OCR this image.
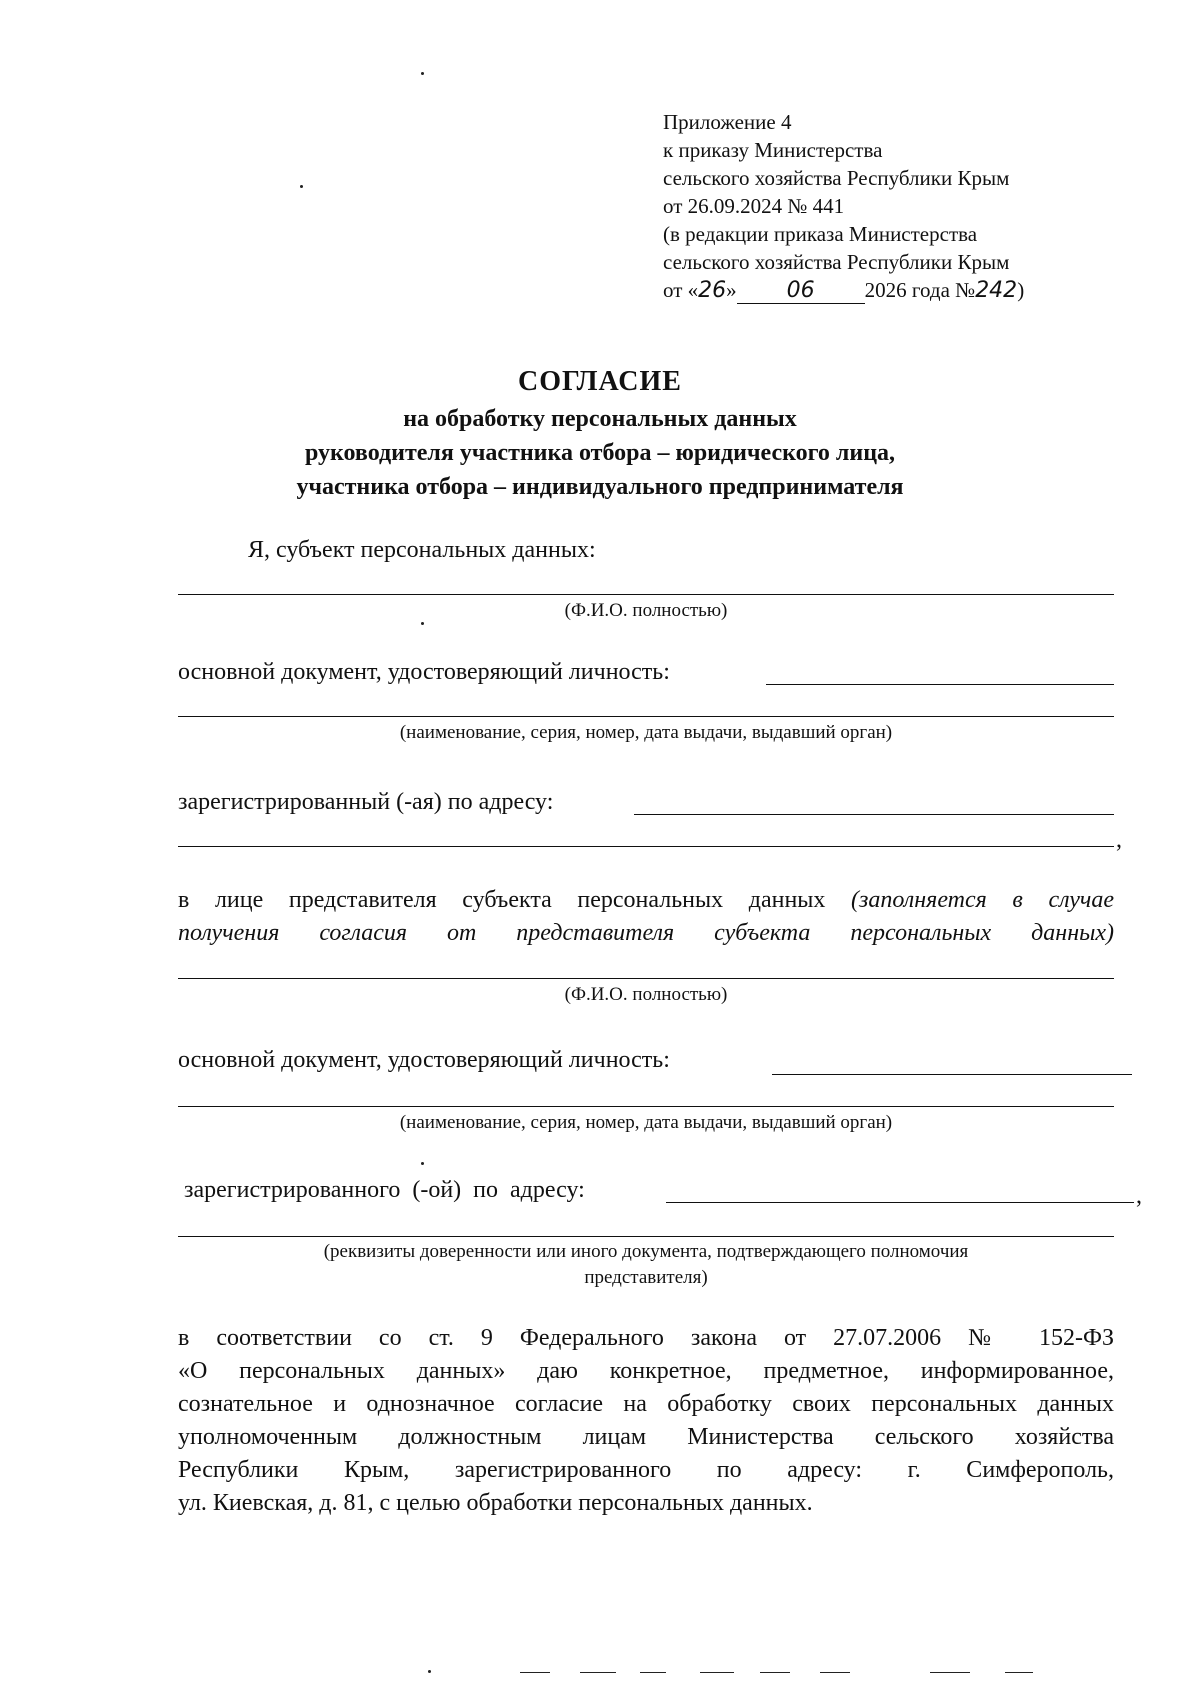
Приложение 4
к приказу Министерства
сельского хозяйства Республики Крым
от 26.09.2024 № 441
(в редакции приказа Министерства
сельского хозяйства Республики Крым
от «26» 06 2026 года №242)
СОГЛАСИЕ
на обработку персональных данных
руководителя участника отбора – юридического лица,
участника отбора – индивидуального предпринимателя
Я, субъект персональных данных:
(Ф.И.О. полностью)
основной документ, удостоверяющий личность:
(наименование, серия, номер, дата выдачи, выдавший орган)
зарегистрированный (-ая) по адресу:
,
в лице представителя субъекта персональных данных (заполняется в случае
получения согласия от представителя субъекта персональных данных)
(Ф.И.О. полностью)
основной документ, удостоверяющий личность:
(наименование, серия, номер, дата выдачи, выдавший орган)
зарегистрированного (-ой) по адресу:	,
(реквизиты доверенности или иного документа, подтверждающего полномочия
представителя)

в соответствии со ст. 9 Федерального закона от 27.07.2006 № 152-ФЗ

«О персональных данных» даю конкретное, предметное, информированное,

сознательное и однозначное согласие на обработку своих персональных данных

уполномоченным должностным лицам Министерства сельского хозяйства

Республики Крым, зарегистрированного по адресу: г. Симферополь,

ул. Киевская, д. 81, с целью обработки персональных данных.
